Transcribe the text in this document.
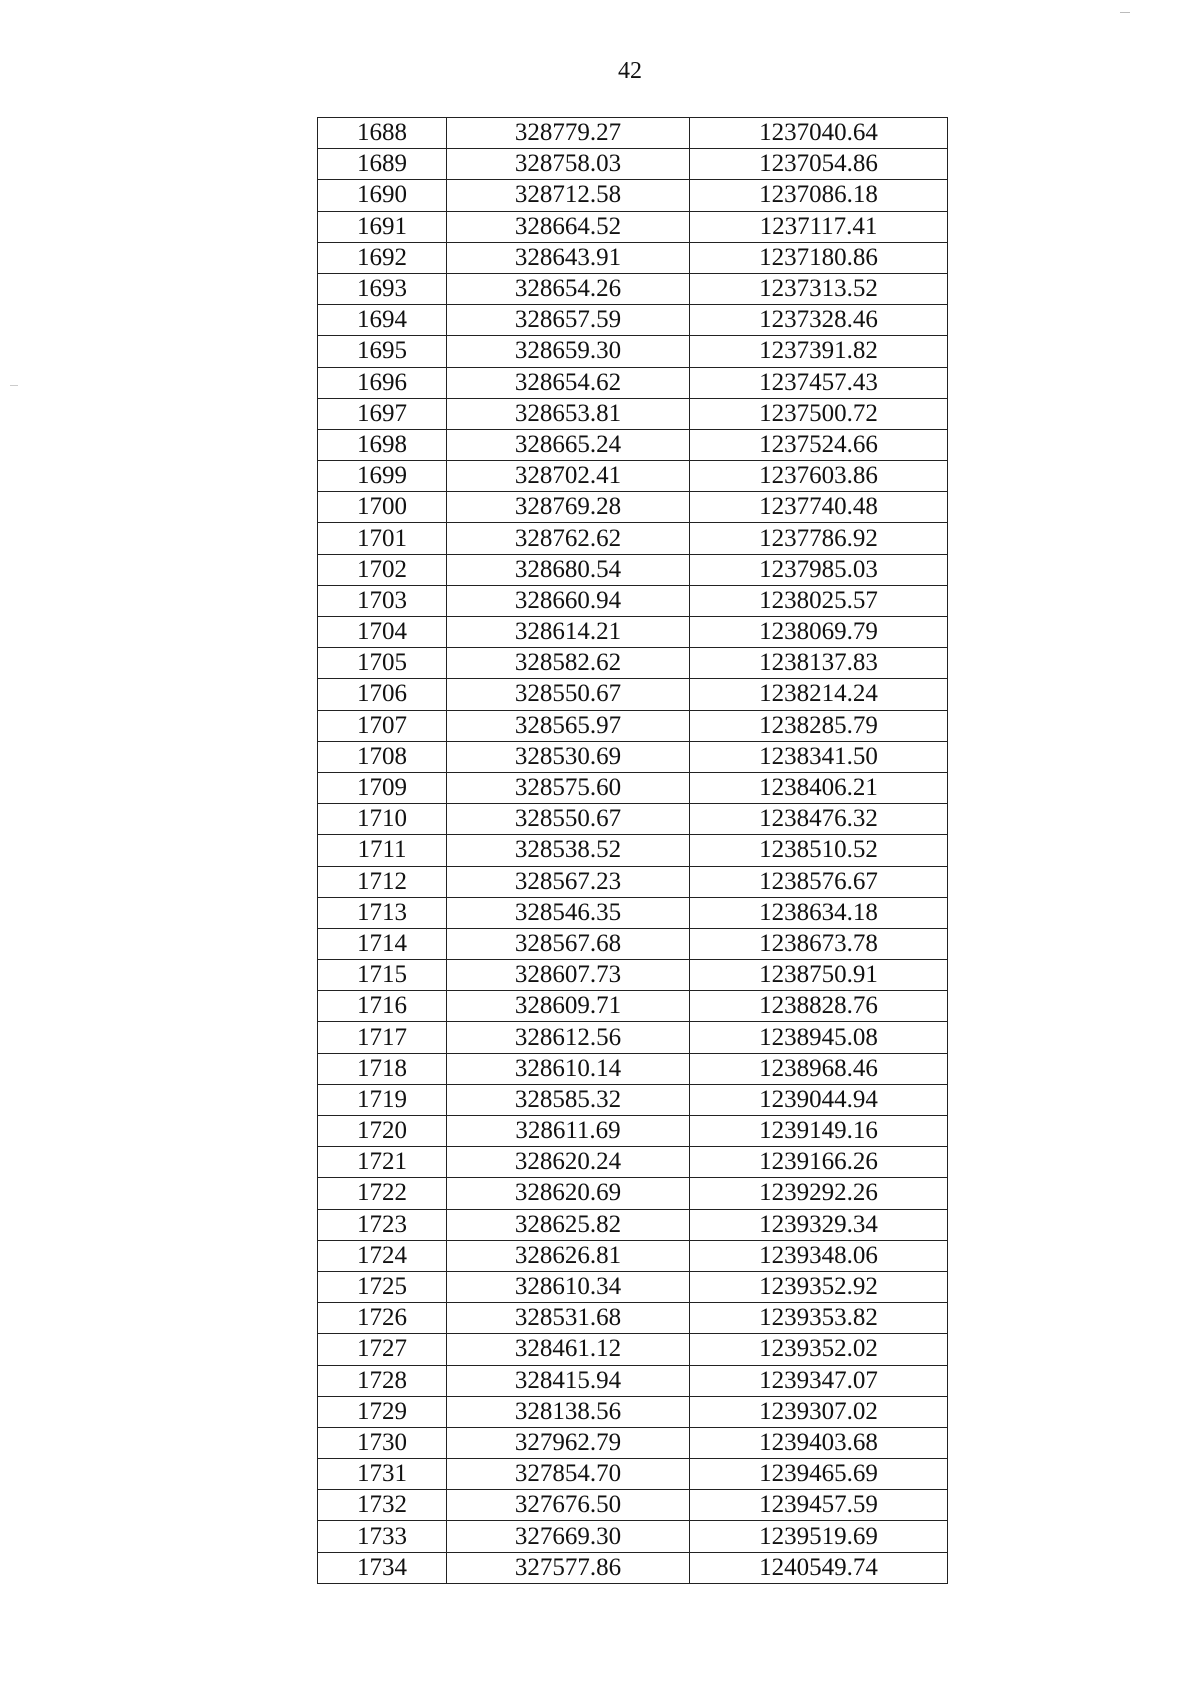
42
1688	328779.27	1237040.64
1689	328758.03	1237054.86
1690	328712.58	1237086.18
1691	328664.52	1237117.41
1692	328643.91	1237180.86
1693	328654.26	1237313.52
1694	328657.59	1237328.46
1695	328659.30	1237391.82
1696	328654.62	1237457.43
1697	328653.81	1237500.72
1698	328665.24	1237524.66
1699	328702.41	1237603.86
1700	328769.28	1237740.48
1701	328762.62	1237786.92
1702	328680.54	1237985.03
1703	328660.94	1238025.57
1704	328614.21	1238069.79
1705	328582.62	1238137.83
1706	328550.67	1238214.24
1707	328565.97	1238285.79
1708	328530.69	1238341.50
1709	328575.60	1238406.21
1710	328550.67	1238476.32
1711	328538.52	1238510.52
1712	328567.23	1238576.67
1713	328546.35	1238634.18
1714	328567.68	1238673.78
1715	328607.73	1238750.91
1716	328609.71	1238828.76
1717	328612.56	1238945.08
1718	328610.14	1238968.46
1719	328585.32	1239044.94
1720	328611.69	1239149.16
1721	328620.24	1239166.26
1722	328620.69	1239292.26
1723	328625.82	1239329.34
1724	328626.81	1239348.06
1725	328610.34	1239352.92
1726	328531.68	1239353.82
1727	328461.12	1239352.02
1728	328415.94	1239347.07
1729	328138.56	1239307.02
1730	327962.79	1239403.68
1731	327854.70	1239465.69
1732	327676.50	1239457.59
1733	327669.30	1239519.69
1734	327577.86	1240549.74
